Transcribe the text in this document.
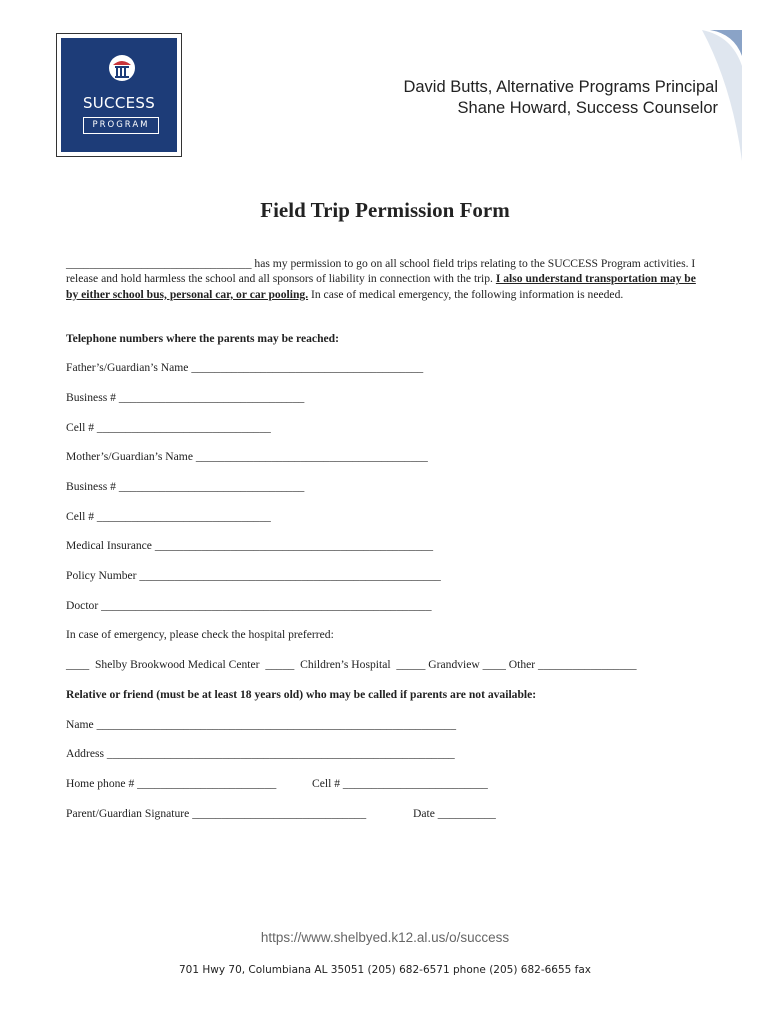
SUCCESS
PROGRAM
David Butts, Alternative Programs Principal
Shane Howard, Success Counselor
Field Trip Permission Form
________________________________ has my permission to go on all school field trips relating to the SUCCESS Program activities. I release and hold harmless the school and all sponsors of liability in connection with the trip. I also understand transportation may be by either school bus, personal car, or car pooling. In case of medical emergency, the following information is needed.
Telephone numbers where the parents may be reached:
Father’s/Guardian’s Name ________________________________________
Business # ________________________________
Cell # ______________________________
Mother’s/Guardian’s Name ________________________________________
Business # ________________________________
Cell # ______________________________
Medical Insurance ________________________________________________
Policy Number ____________________________________________________
Doctor _________________________________________________________
In case of emergency, please check the hospital preferred:
____  Shelby Brookwood Medical Center  _____  Children’s Hospital  _____ Grandview ____ Other _________________
Relative or friend (must be at least 18 years old) who may be called if parents are not available:
Name ______________________________________________________________
Address ____________________________________________________________
Home phone # ________________________	Cell # _________________________
Parent/Guardian Signature ______________________________	Date __________
https://www.shelbyed.k12.al.us/o/success
701 Hwy 70, Columbiana AL 35051 (205) 682-6571 phone (205) 682-6655 fax
